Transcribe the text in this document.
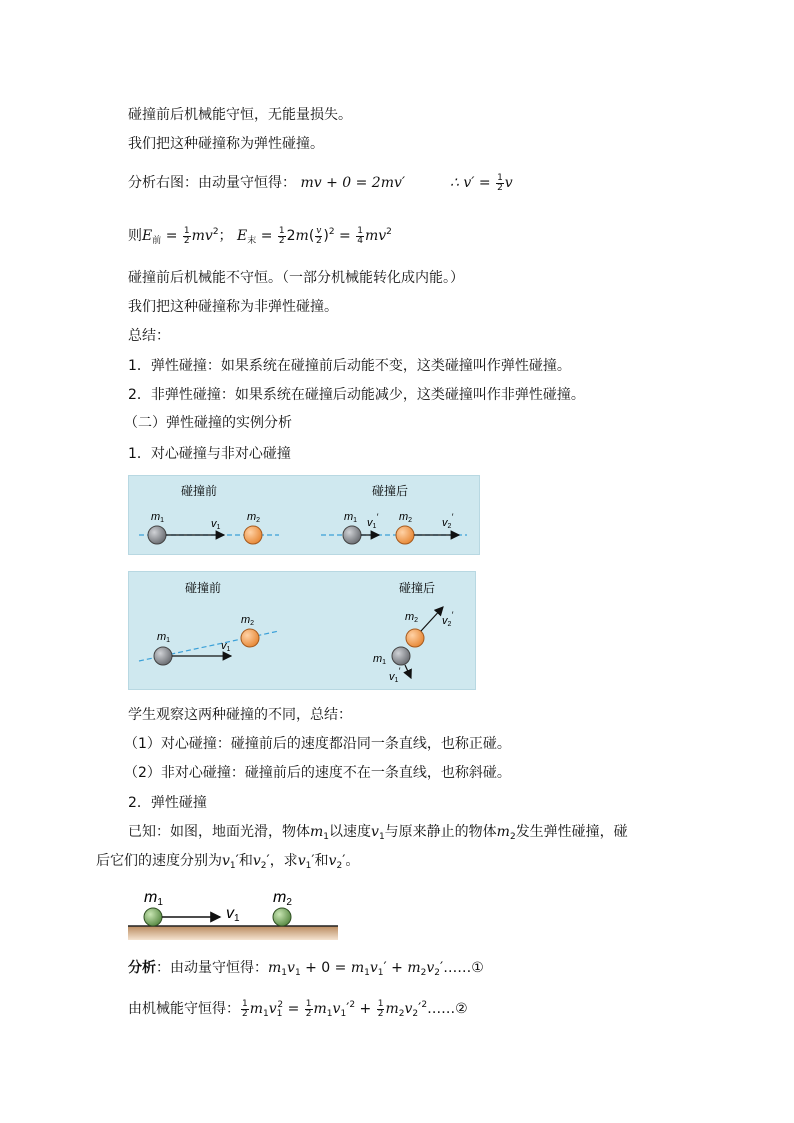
碰撞前后机械能守恒，无能量损失。
我们把这种碰撞称为弹性碰撞。
分析右图：由动量守恒得： mv + 0 = 2mv′	∴ $v' = \frac{1}{2}$ v
则$E_前 = \frac{1}{2} mv^2$； $E_末 = \frac{1}{2} 2m( \frac{v}{2} )^2 = \frac{1}{4} mv^2$
碰撞前后机械能不守恒。（一部分机械能转化成内能。）
我们把这种碰撞称为非弹性碰撞。
总结：
1．弹性碰撞：如果系统在碰撞前后动能不变，这类碰撞叫作弹性碰撞。
2．非弹性碰撞：如果系统在碰撞后动能减少，这类碰撞叫作非弹性碰撞。
（二）弹性碰撞的实例分析
1．对心碰撞与非对心碰撞
碰撞前	碰撞后
m1	v1
m2	m1 v1′ m2	v2′
碰撞前	碰撞后
m1	v1
m2
m2 v2′
m1
v1′
学生观察这两种碰撞的不同，总结：
（1）对心碰撞：碰撞前后的速度都沿同一条直线，也称正碰。
（2）非对心碰撞：碰撞前后的速度不在一条直线，也称斜碰。
2．弹性碰撞
已知：如图，地面光滑，物体$m_1$以速度$v_1$与原来静止的物体$m_2$发生弹性碰撞，碰
后它们的速度分别为$v_1'$和$v_2'$，求$v_1'$和$v_2'$。
m1
v1
m2
分析：由动量守恒得：$m_1v_1 + 0 = m_1v_1'$ + $m_2v_2'\dots\dots ①$
由机械能守恒得： $\frac{1}{2} m_1v_1^2 = \frac{1}{2} m_1v_1'^2 + \frac{1}{2}$ $m_2v_2'^2\dots\dots ②$
